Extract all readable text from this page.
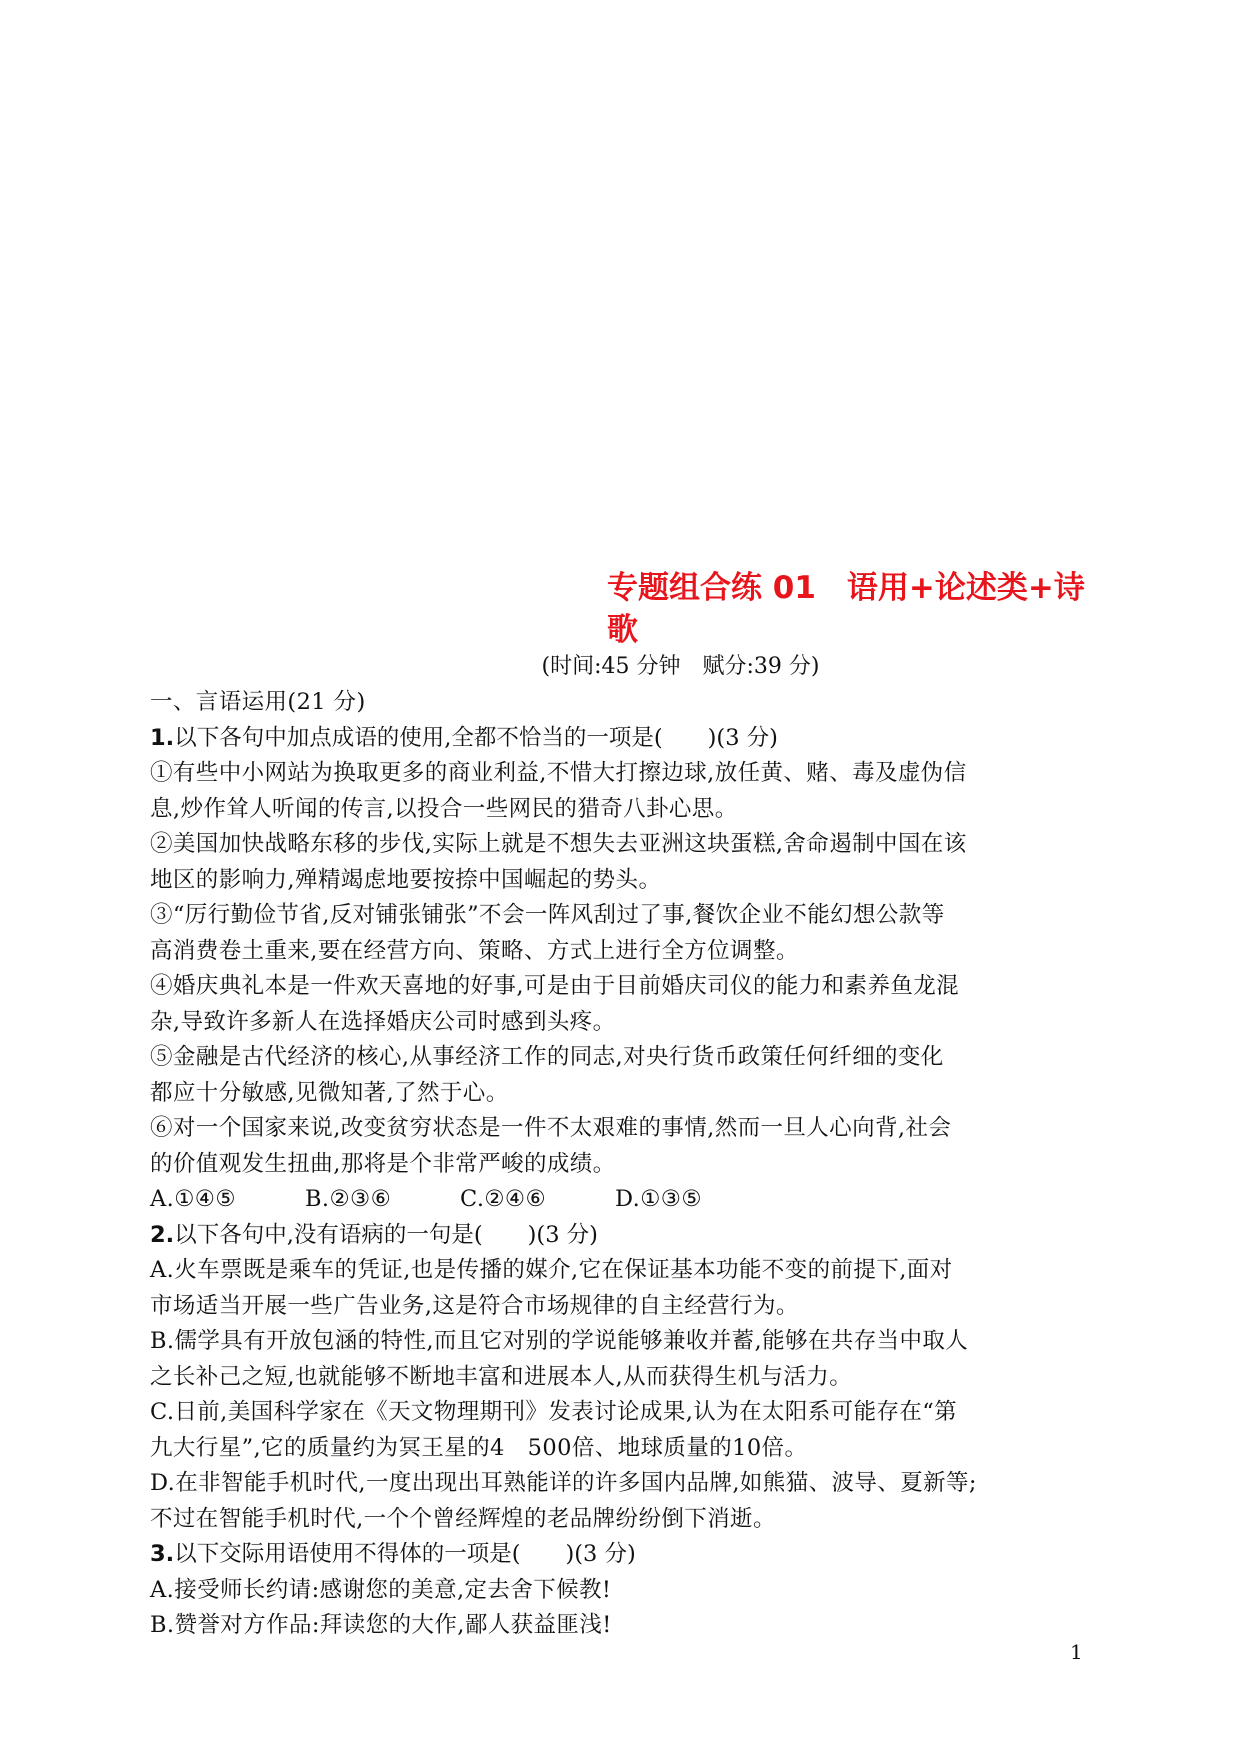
专题组合练 01　语用+论述类+诗
歌
(时间:45 分钟　赋分:39 分)
一、言语运用(21 分)
1.以下各句中加点成语的使用,全都不恰当的一项是(　　)(3 分)
①有些中小网站为换取更多的商业利益,不惜大打擦边球,放任黄、赌、毒及虚伪信
息,炒作耸人听闻的传言,以投合一些网民的猎奇八卦心思。
②美国加快战略东移的步伐,实际上就是不想失去亚洲这块蛋糕,舍命遏制中国在该
地区的影响力,殚精竭虑地要按捺中国崛起的势头。
③“厉行勤俭节省,反对铺张铺张”不会一阵风刮过了事,餐饮企业不能幻想公款等
高消费卷土重来,要在经营方向、策略、方式上进行全方位调整。
④婚庆典礼本是一件欢天喜地的好事,可是由于目前婚庆司仪的能力和素养鱼龙混
杂,导致许多新人在选择婚庆公司时感到头疼。
⑤金融是古代经济的核心,从事经济工作的同志,对央行货币政策任何纤细的变化
都应十分敏感,见微知著,了然于心。
⑥对一个国家来说,改变贫穷状态是一件不太艰难的事情,然而一旦人心向背,社会
的价值观发生扭曲,那将是个非常严峻的成绩。
A.①④⑤	B.②③⑥	C.②④⑥	D.①③⑤
2.以下各句中,没有语病的一句是(　　)(3 分)
A.火车票既是乘车的凭证,也是传播的媒介,它在保证基本功能不变的前提下,面对
市场适当开展一些广告业务,这是符合市场规律的自主经营行为。
B.儒学具有开放包涵的特性,而且它对别的学说能够兼收并蓄,能够在共存当中取人
之长补己之短,也就能够不断地丰富和进展本人,从而获得生机与活力。
C.日前,美国科学家在《天文物理期刊》发表讨论成果,认为在太阳系可能存在“第
九大行星”,它的质量约为冥王星的4　500倍、地球质量的10倍。
D.在非智能手机时代,一度出现出耳熟能详的许多国内品牌,如熊猫、波导、夏新等;
不过在智能手机时代,一个个曾经辉煌的老品牌纷纷倒下消逝。
3.以下交际用语使用不得体的一项是(　　)(3 分)
A.接受师长约请:感谢您的美意,定去舍下候教!
B.赞誉对方作品:拜读您的大作,鄙人获益匪浅!
1
